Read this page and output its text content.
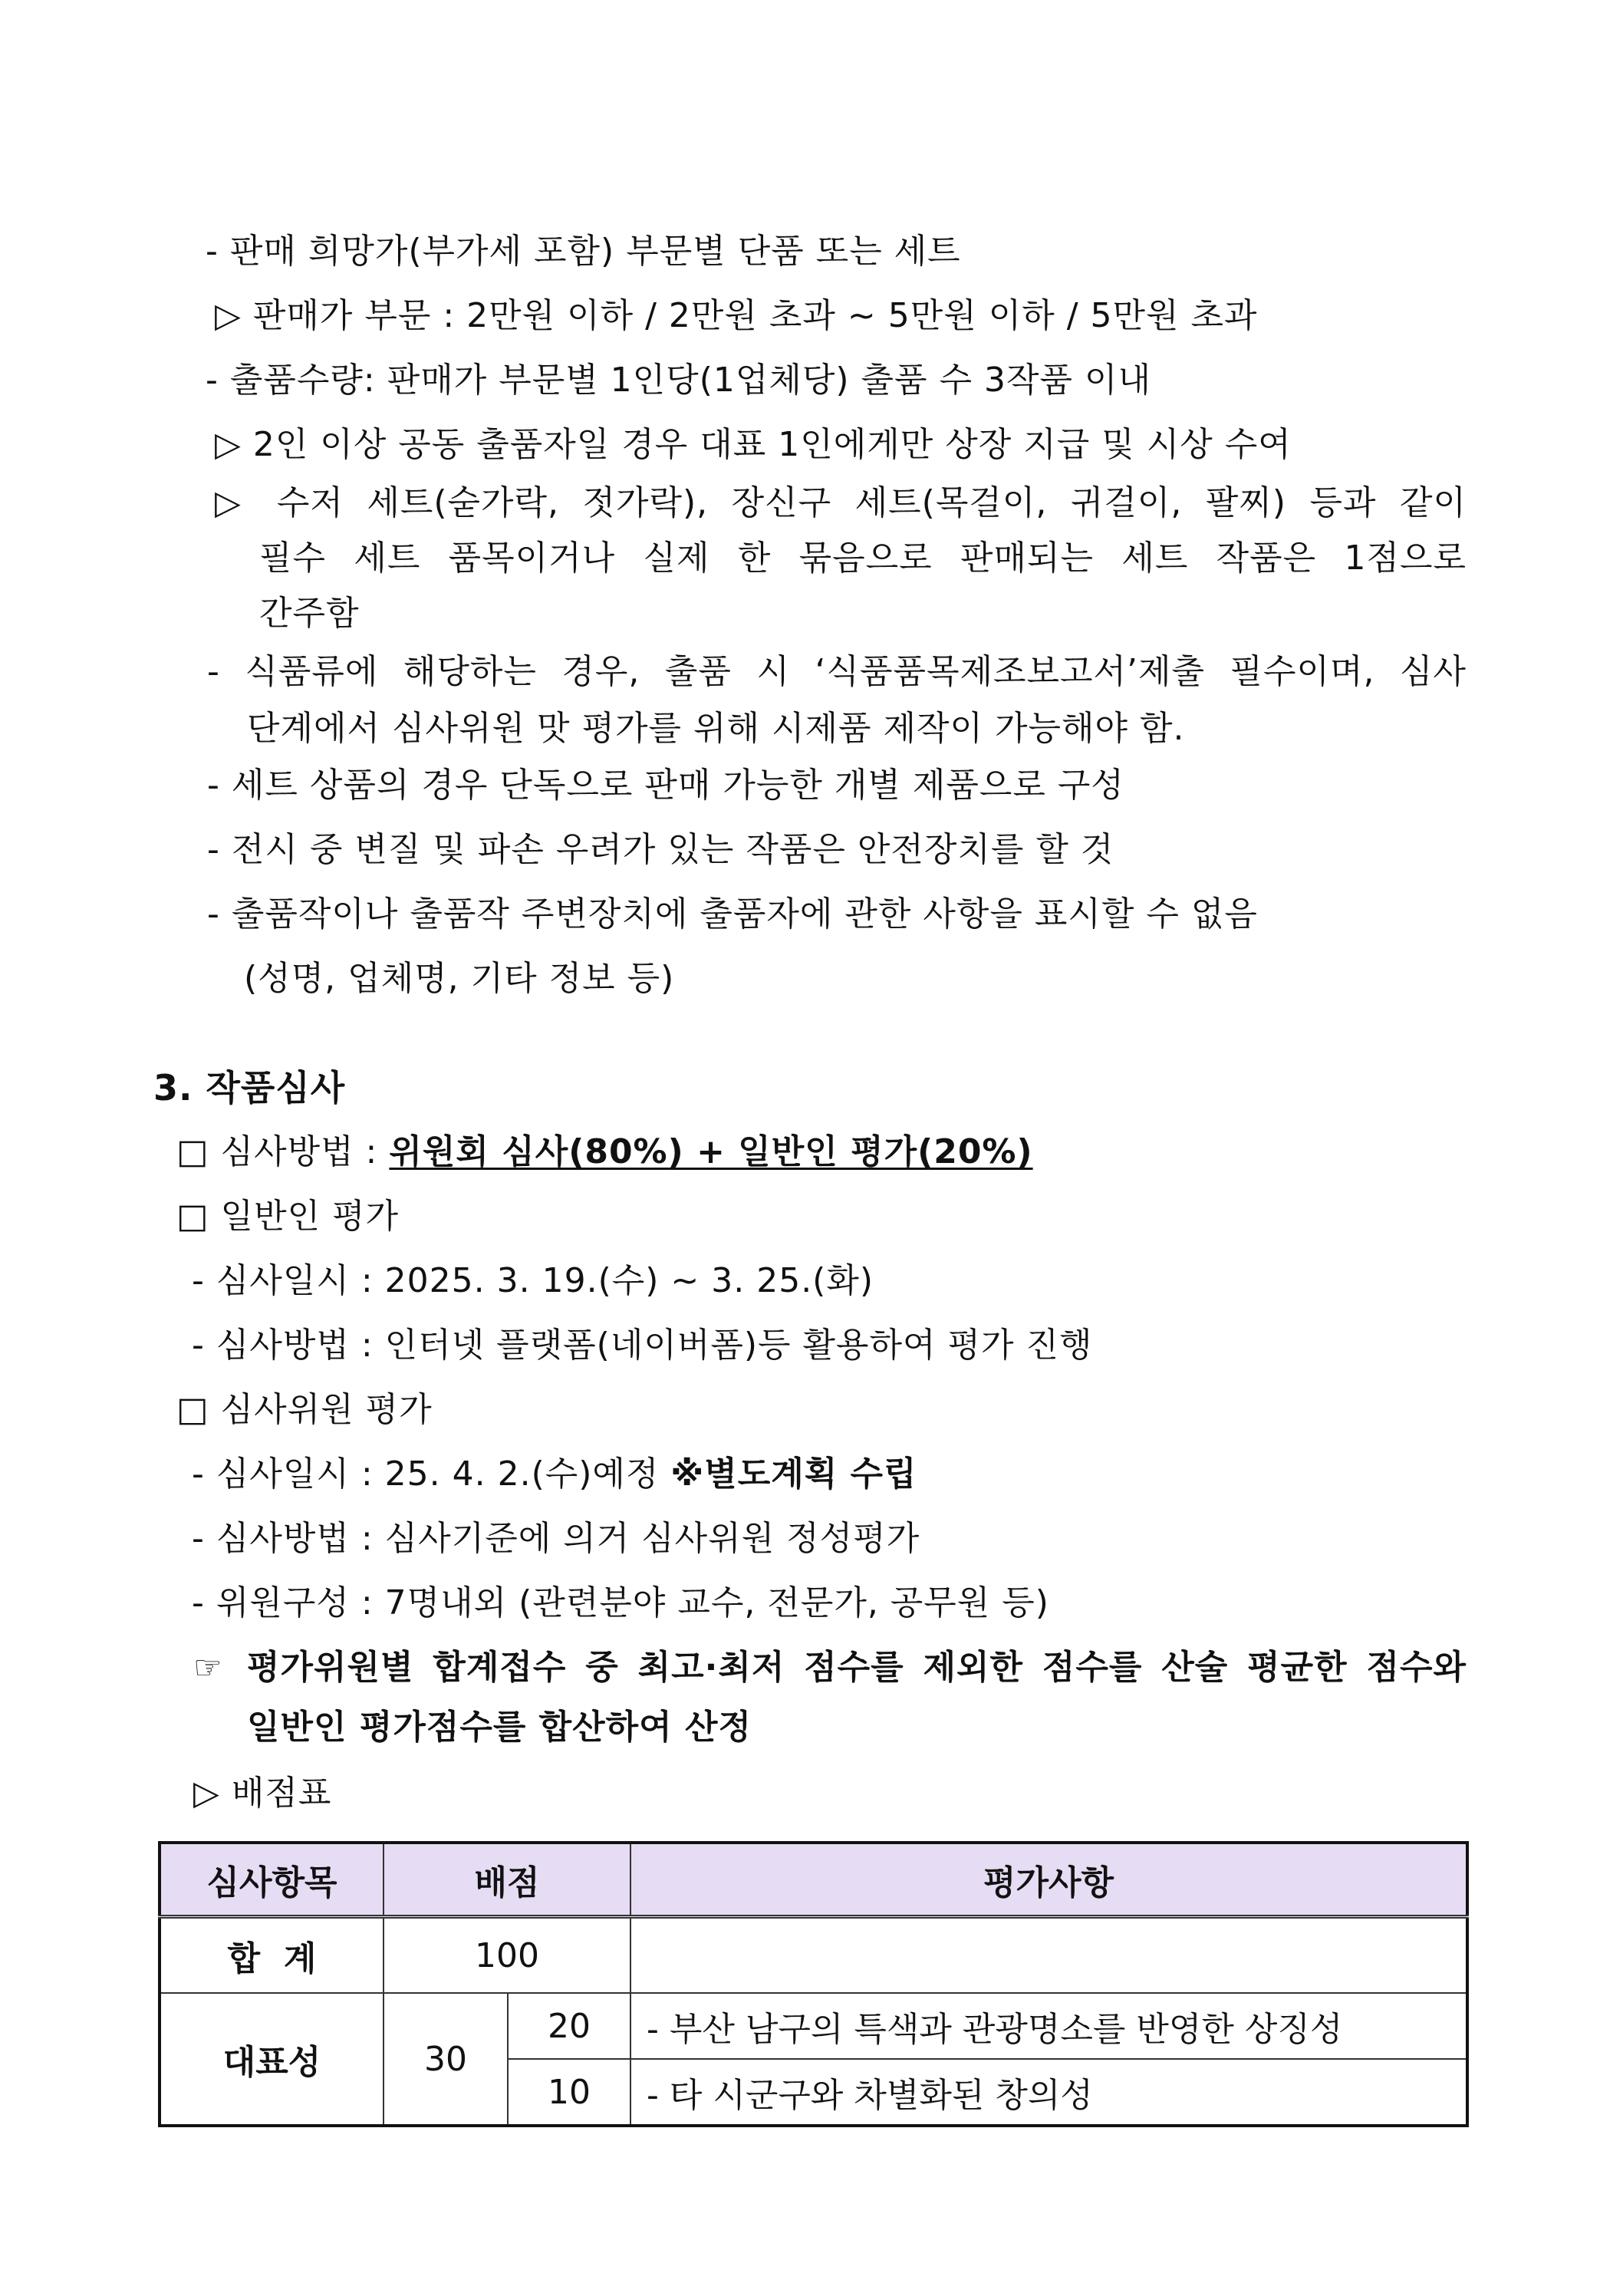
- 판매 희망가(부가세 포함) 부문별 단품 또는 세트
▷ 판매가 부문 : 2만원 이하 / 2만원 초과 ~ 5만원 이하 / 5만원 초과
- 출품수량: 판매가 부문별 1인당(1업체당) 출품 수 3작품 이내
▷ 2인 이상 공동 출품자일 경우 대표 1인에게만 상장 지급 및 시상 수여
▷ 수저 세트(숟가락, 젓가락), 장신구 세트(목걸이, 귀걸이, 팔찌) 등과 같이
필수 세트 품목이거나 실제 한 묶음으로 판매되는 세트 작품은 1점으로
간주함
- 식품류에 해당하는 경우, 출품 시 ‘식품품목제조보고서’제출 필수이며, 심사
단계에서 심사위원 맛 평가를 위해 시제품 제작이 가능해야 함.
- 세트 상품의 경우 단독으로 판매 가능한 개별 제품으로 구성
- 전시 중 변질 및 파손 우려가 있는 작품은 안전장치를 할 것
- 출품작이나 출품작 주변장치에 출품자에 관한 사항을 표시할 수 없음
(성명, 업체명, 기타 정보 등)
3. 작품심사
□ 심사방법 : 위원회 심사(80%) + 일반인 평가(20%)
□ 일반인 평가
- 심사일시 : 2025. 3. 19.(수) ~ 3. 25.(화)
- 심사방법 : 인터넷 플랫폼(네이버폼)등 활용하여 평가 진행
□ 심사위원 평가
- 심사일시 : 25. 4. 2.(수)예정 ※별도계획 수립
- 심사방법 : 심사기준에 의거 심사위원 정성평가
- 위원구성 : 7명내외 (관련분야 교수, 전문가, 공무원 등)
☞ 평가위원별 합계접수 중 최고·최저 점수를 제외한 점수를 산술 평균한 점수와
일반인 평가점수를 합산하여 산정
▷ 배점표
심사항목	배점		평가사항
합  계	100		
대표성	30	20	- 부산 남구의 특색과 관광명소를 반영한 상징성
		10	- 타 시군구와 차별화된 창의성
